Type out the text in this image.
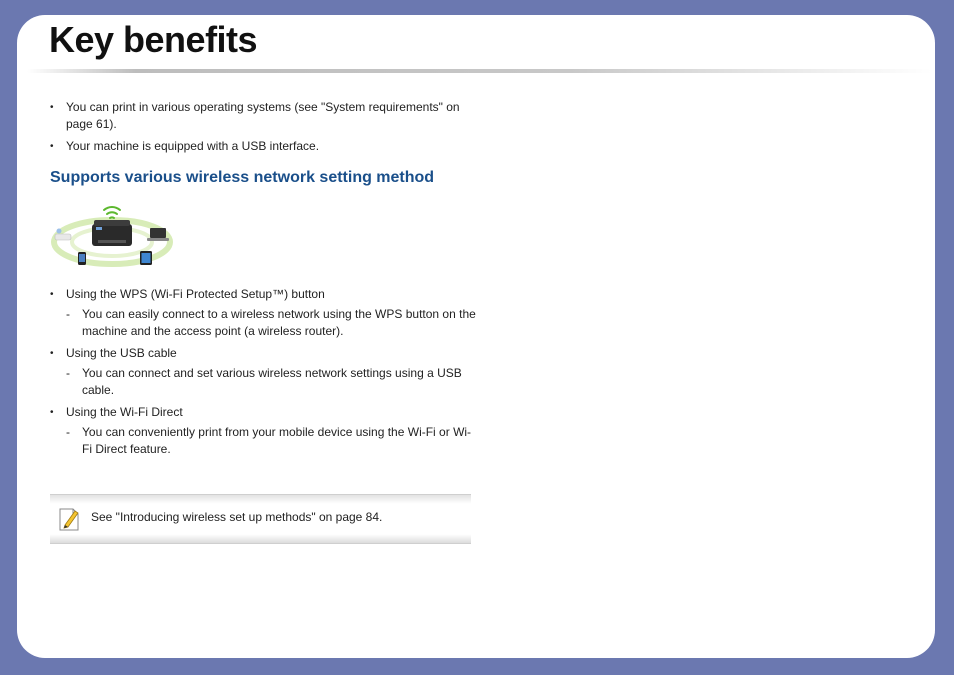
Key benefits
• You can print in various operating systems (see "System requirements" on page 61).
• Your machine is equipped with a USB interface.
Supports various wireless network setting method
• Using the WPS (Wi-Fi Protected Setup™) button
- You can easily connect to a wireless network using the WPS button on the machine and the access point (a wireless router).
• Using the USB cable
- You can connect and set various wireless network settings using a USB cable.
• Using the Wi-Fi Direct
- You can conveniently print from your mobile device using the Wi-Fi or Wi-Fi Direct feature.
See "Introducing wireless set up methods" on page 84.
